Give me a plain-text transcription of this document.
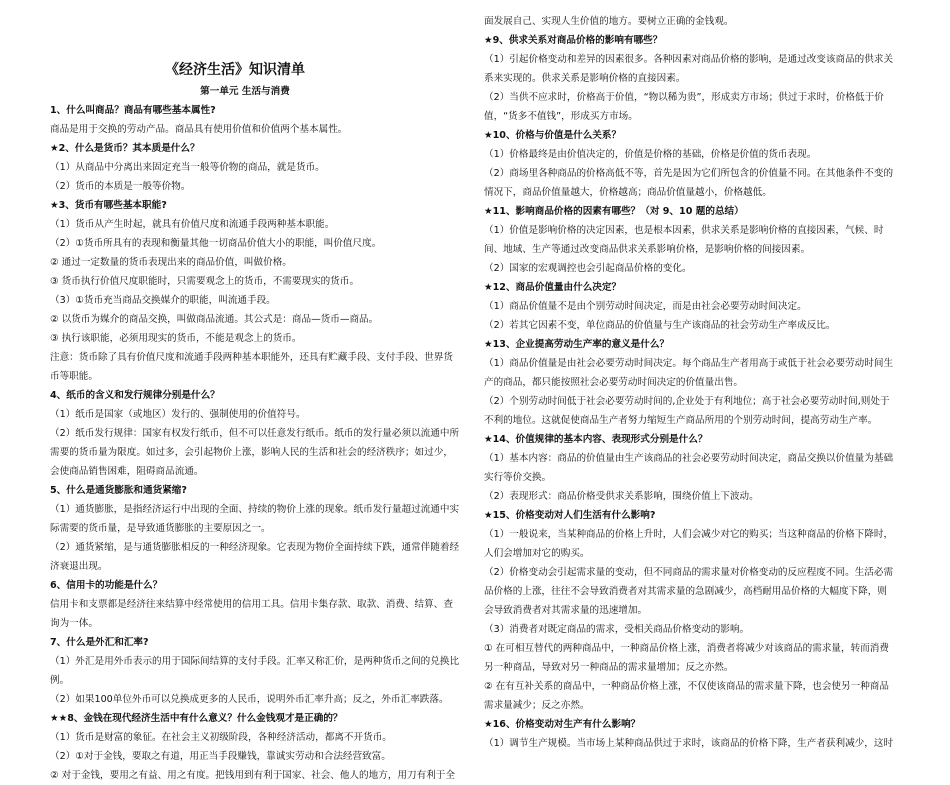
《经济生活》知识清单
第一单元 生活与消费
1、什么叫商品？商品有哪些基本属性?
商品是用于交换的劳动产品。商品具有使用价值和价值两个基本属性。
★2、什么是货币？其本质是什么？
（1）从商品中分离出来固定充当一般等价物的商品，就是货币。
（2）货币的本质是一般等价物。
★3、货币有哪些基本职能?
（1）货币从产生时起，就具有价值尺度和流通手段两种基本职能。
（2）①货币所具有的表现和衡量其他一切商品价值大小的职能，叫价值尺度。
② 通过一定数量的货币表现出来的商品价值，叫做价格。
③ 货币执行价值尺度职能时，只需要观念上的货币，不需要现实的货币。
（3）①货币充当商品交换媒介的职能，叫流通手段。
② 以货币为媒介的商品交换，叫做商品流通。其公式是：商品—货币—商品。
③ 执行该职能，必须用现实的货币，不能是观念上的货币。
注意：货币除了具有价值尺度和流通手段两种基本职能外，还具有贮藏手段、支付手段、世界货币等职能。
4、纸币的含义和发行规律分别是什么？
（1）纸币是国家（或地区）发行的、强制使用的价值符号。
（2）纸币发行规律：国家有权发行纸币，但不可以任意发行纸币。纸币的发行量必须以流通中所需要的货币量为限度。如过多，会引起物价上涨，影响人民的生活和社会的经济秩序；如过少，会使商品销售困难，阻碍商品流通。
5、什么是通货膨胀和通货紧缩?
（1）通货膨胀，是指经济运行中出现的全面、持续的物价上涨的现象。纸币发行量超过流通中实际需要的货币量，是导致通货膨胀的主要原因之一。
（2）通货紧缩，是与通货膨胀相反的一种经济现象。它表现为物价全面持续下跌，通常伴随着经济衰退出现。
6、信用卡的功能是什么？
信用卡和支票都是经济往来结算中经常使用的信用工具。信用卡集存款、取款、消费、结算、查询为一体。
7、什么是外汇和汇率?
（1）外汇是用外币表示的用于国际间结算的支付手段。汇率又称汇价，是两种货币之间的兑换比例。
（2）如果100单位外币可以兑换成更多的人民币，说明外币汇率升高；反之，外币汇率跌落。
★★8、金钱在现代经济生活中有什么意义？什么金钱观才是正确的？
（1）货币是财富的象征。在社会主义初级阶段，各种经济活动，都离不开货币。
（2）①对于金钱，要取之有道，用正当手段赚钱，靠诚实劳动和合法经营致富。
② 对于金钱，要用之有益、用之有度。把钱用到有利于国家、社会、他人的地方，用刀有利于全
面发展自己、实现人生价值的地方。要树立正确的金钱观。
★9、供求关系对商品价格的影响有哪些？
（1）引起价格变动和差异的因素很多。各种因素对商品价格的影响，是通过改变该商品的供求关系来实现的。供求关系是影响价格的直接因素。
（2）当供不应求时，价格高于价值，“物以稀为贵”，形成卖方市场；供过于求时，价格低于价值，“货多不值钱”，形成买方市场。
★10、价格与价值是什么关系？
（1）价格最终是由价值决定的，价值是价格的基础，价格是价值的货币表现。
（2）商场里各种商品的价格高低不等，首先是因为它们所包含的价值量不同。在其他条件不变的情况下，商品价值量越大，价格越高；商品价值量越小，价格越低。
★11、影响商品价格的因素有哪些？（对 9、10 题的总结）
（1）价值是影响价格的决定因素，也是根本因素，供求关系是影响价格的直接因素，气候、时间、地域、生产等通过改变商品供求关系影响价格，是影响价格的间接因素。
（2）国家的宏观调控也会引起商品价格的变化。
★12、商品价值量由什么决定？
（1）商品价值量不是由个别劳动时间决定，而是由社会必要劳动时间决定。
（2）若其它因素不变，单位商品的价值量与生产该商品的社会劳动生产率成反比。
★13、企业提高劳动生产率的意义是什么？
（1）商品价值量是由社会必要劳动时间决定。每个商品生产者用高于或低于社会必要劳动时间生产的商品，都只能按照社会必要劳动时间决定的价值量出售。
（2）个别劳动时间低于社会必要劳动时间的,企业处于有利地位；高于社会必要劳动时间,则处于不利的地位。这就促使商品生产者努力缩短生产商品所用的个别劳动时间，提高劳动生产率。
★14、价值规律的基本内容、表现形式分别是什么？
（1）基本内容：商品的价值量由生产该商品的社会必要劳动时间决定，商品交换以价值量为基础实行等价交换。
（2）表现形式：商品价格受供求关系影响，围绕价值上下波动。
★15、价格变动对人们生活有什么影响?
（1）一般说来，当某种商品的价格上升时，人们会减少对它的购买；当这种商品的价格下降时，人们会增加对它的购买。
（2）价格变动会引起需求量的变动，但不同商品的需求量对价格变动的反应程度不同。生活必需品价格的上涨，往往不会导致消费者对其需求量的急剧减少，高档耐用品价格的大幅度下降，则会导致消费者对其需求量的迅速增加。
（3）消费者对既定商品的需求，受相关商品价格变动的影响。
① 在可相互替代的两种商品中，一种商品价格上涨，消费者将减少对该商品的需求量，转而消费另一种商品，导致对另一种商品的需求量增加；反之亦然。
② 在有互补关系的商品中，一种商品价格上涨，不仅使该商品的需求量下降，也会使另一种商品需求量减少；反之亦然。
★16、价格变动对生产有什么影响？
（1）调节生产规模。当市场上某种商品供过于求时，该商品的价格下降，生产者获利减少，这时
